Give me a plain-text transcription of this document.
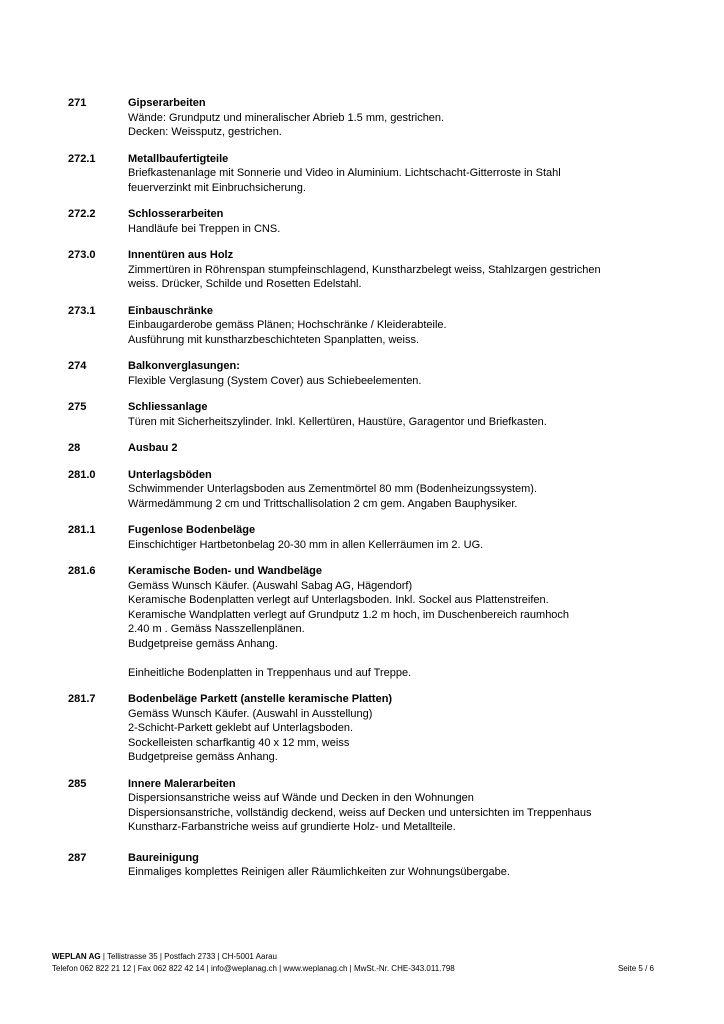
271	Gipserarbeiten
Wände: Grundputz und mineralischer Abrieb 1.5 mm, gestrichen.
Decken: Weissputz, gestrichen.
272.1	Metallbaufertigteile
Briefkastenanlage mit Sonnerie und Video in Aluminium. Lichtschacht-Gitterroste in Stahl
feuerverzinkt mit Einbruchsicherung.
272.2	Schlosserarbeiten
Handläufe bei Treppen in CNS.
273.0	Innentüren aus Holz
Zimmertüren in Röhrenspan stumpfeinschlagend, Kunstharzbelegt weiss, Stahlzargen gestrichen
weiss. Drücker, Schilde und Rosetten Edelstahl.
273.1	Einbauschränke
Einbaugarderobe gemäss Plänen; Hochschränke / Kleiderabteile.
Ausführung mit kunstharzbeschichteten Spanplatten, weiss.
274	Balkonverglasungen:
Flexible Verglasung (System Cover) aus Schiebeelementen.
275	Schliessanlage
Türen mit Sicherheitszylinder. Inkl. Kellertüren, Haustüre, Garagentor und Briefkasten.
28	Ausbau 2
281.0	Unterlagsböden
Schwimmender Unterlagsboden aus Zementmörtel 80 mm (Bodenheizungssystem).
Wärmedämmung 2 cm und Trittschallisolation 2 cm gem. Angaben Bauphysiker.
281.1	Fugenlose Bodenbeläge
Einschichtiger Hartbetonbelag 20-30 mm in allen Kellerräumen im 2. UG.
281.6	Keramische Boden- und Wandbeläge
Gemäss Wunsch Käufer. (Auswahl Sabag AG, Hägendorf)
Keramische Bodenplatten verlegt auf Unterlagsboden. Inkl. Sockel aus Plattenstreifen.
Keramische Wandplatten verlegt auf Grundputz 1.2 m hoch, im Duschenbereich raumhoch
2.40 m . Gemäss Nasszellenplänen.
Budgetpreise gemäss Anhang.
Einheitliche Bodenplatten in Treppenhaus und auf Treppe.
281.7	Bodenbeläge Parkett (anstelle keramische Platten)
Gemäss Wunsch Käufer. (Auswahl in Ausstellung)
2-Schicht-Parkett geklebt auf Unterlagsboden.
Sockelleisten scharfkantig 40 x 12 mm, weiss
Budgetpreise gemäss Anhang.
285	Innere Malerarbeiten
Dispersionsanstriche weiss auf Wände und Decken in den Wohnungen
Dispersionsanstriche, vollständig deckend, weiss auf Decken und untersichten im Treppenhaus
Kunstharz-Farbanstriche weiss auf grundierte Holz- und Metallteile.
287	Baureinigung
Einmaliges komplettes Reinigen aller Räumlichkeiten zur Wohnungsübergabe.
WEPLAN AG | Tellistrasse 35 | Postfach 2733 | CH-5001 Aarau
Telefon 062 822 21 12 | Fax 062 822 42 14 | info@weplanag.ch | www.weplanag.ch | MwSt.-Nr. CHE-343.011.798	Seite 5 / 6
